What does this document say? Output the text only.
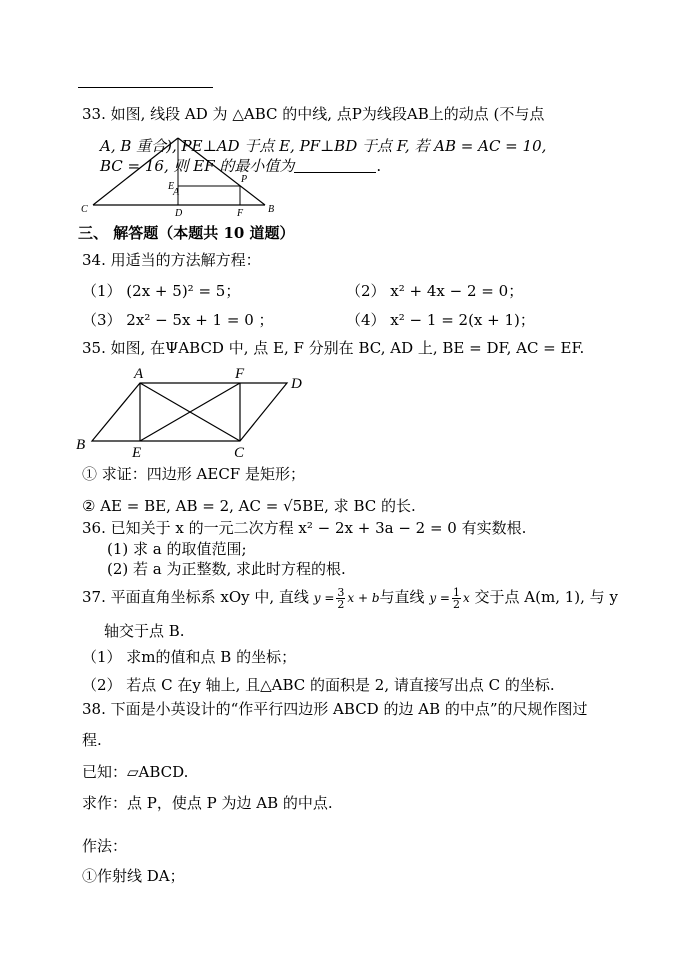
33. 如图, 线段 AD 为 △ABC 的中线, 点P为线段AB上的动点 (不与点
A, B 重合), PE⊥AD 于点 E, PF⊥BD 于点 F, 若 AB = AC = 10,
BC = 16, 则 EF 的最小值为	.
C
E
A
P
D	F B
三、 解答题（本题共 10 道题）
34. 用适当的方法解方程：
（1） (2x + 5)² = 5；	（2） x² + 4x − 2 = 0；
（3） 2x² − 5x + 1 = 0 ；	（4） x² − 1 = 2(x + 1)；
35. 如图, 在ΨABCD 中, 点 E, F 分别在 BC, AD 上, BE = DF, AC = EF.
A	F
D
B	E	C
① 求证：四边形 AECF 是矩形；
② AE = BE, AB = 2, AC = √5BE, 求 BC 的长.
36. 已知关于 x 的一元二次方程 x² − 2x + 3a − 2 = 0 有实数根.
(1) 求 a 的取值范围;
(2) 若 a 为正整数, 求此时方程的根.
37. 平面直角坐标系 xOy 中, 直线 $y = \frac{3}{2}$ x + b与直线 $y = \frac{1}{2}$ x 交于点 A(m, 1), 与 y
轴交于点 B.
（1） 求m的值和点 B 的坐标；
（2） 若点 C 在y 轴上, 且△ABC 的面积是 2, 请直接写出点 C 的坐标.
38. 下面是小英设计的“作平行四边形 ABCD 的边 AB 的中点”的尺规作图过
程.
已知：▱ABCD.
求作：点 P，使点 P 为边 AB 的中点.
作法：
①作射线 DA；
